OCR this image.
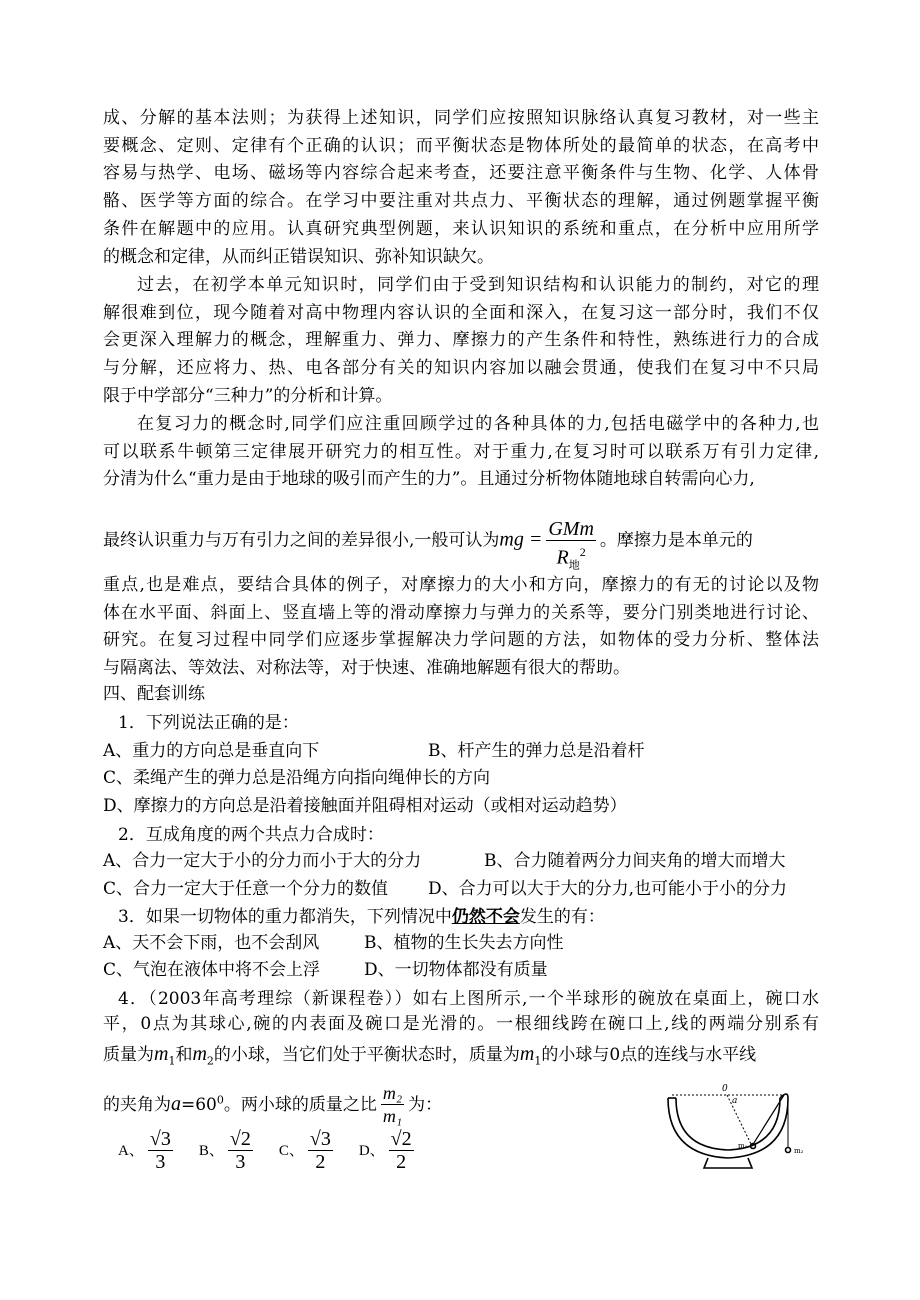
成、分解的基本法则；为获得上述知识，同学们应按照知识脉络认真复习教材，对一些主
要概念、定则、定律有个正确的认识；而平衡状态是物体所处的最简单的状态，在高考中
容易与热学、电场、磁场等内容综合起来考查，还要注意平衡条件与生物、化学、人体骨
骼、医学等方面的综合。在学习中要注重对共点力、平衡状态的理解，通过例题掌握平衡
条件在解题中的应用。认真研究典型例题，来认识知识的系统和重点，在分析中应用所学
的概念和定律，从而纠正错误知识、弥补知识缺欠。
过去，在初学本单元知识时，同学们由于受到知识结构和认识能力的制约，对它的理
解很难到位，现今随着对高中物理内容认识的全面和深入，在复习这一部分时，我们不仅
会更深入理解力的概念，理解重力、弹力、摩擦力的产生条件和特性，熟练进行力的合成
与分解，还应将力、热、电各部分有关的知识内容加以融会贯通，使我们在复习中不只局
限于中学部分“三种力”的分析和计算。
在复习力的概念时,同学们应注重回顾学过的各种具体的力,包括电磁学中的各种力,也
可以联系牛顿第三定律展开研究力的相互性。对于重力,在复习时可以联系万有引力定律,
分清为什么“重力是由于地球的吸引而产生的力”。且通过分析物体随地球自转需向心力,
最终认识重力与万有引力之间的差异很小,一般可认为mg = $\frac{\text{GMm}}{R_地^2}$ 。摩擦力是本单元的
重点,也是难点，要结合具体的例子，对摩擦力的大小和方向，摩擦力的有无的讨论以及物
体在水平面、斜面上、竖直墙上等的滑动摩擦力与弹力的关系等，要分门别类地进行讨论、
研究。在复习过程中同学们应逐步掌握解决力学问题的方法，如物体的受力分析、整体法
与隔离法、等效法、对称法等，对于快速、准确地解题有很大的帮助。
四、配套训练
1．下列说法正确的是：
A、重力的方向总是垂直向下	B、杆产生的弹力总是沿着杆
C、柔绳产生的弹力总是沿绳方向指向绳伸长的方向
D、摩擦力的方向总是沿着接触面并阻碍相对运动（或相对运动趋势）
2．互成角度的两个共点力合成时：
A、合力一定大于小的分力而小于大的分力	B、合力随着两分力间夹角的增大而增大
C、合力一定大于任意一个分力的数值	D、合力可以大于大的分力,也可能小于小的分力
3．如果一切物体的重力都消失，下列情况中仍然不会发生的有：
A、天不会下雨，也不会刮风	B、植物的生长失去方向性
C、气泡在液体中将不会上浮	D、一切物体都没有质量
4．（2003年高考理综（新课程卷））如右上图所示,一个半球形的碗放在桌面上，碗口水
平，0点为其球心,碗的内表面及碗口是光滑的。一根细线跨在碗口上,线的两端分别系有
质量为$m_1$和$m_2$的小球，当它们处于平衡状态时，质量为$m_1$的小球与0点的连线与水平线
的夹角为$a=60^0$。两小球的质量之比 $\frac{\text{m₂}}{\text{m₁}}$ 为：
A、 $\frac{√3}{3}$ B、 $\frac{√2}{3}$ C、 $\frac{√3}{2}$ D、 $\frac{√2}{2}$
0
a
m₁
m₂
